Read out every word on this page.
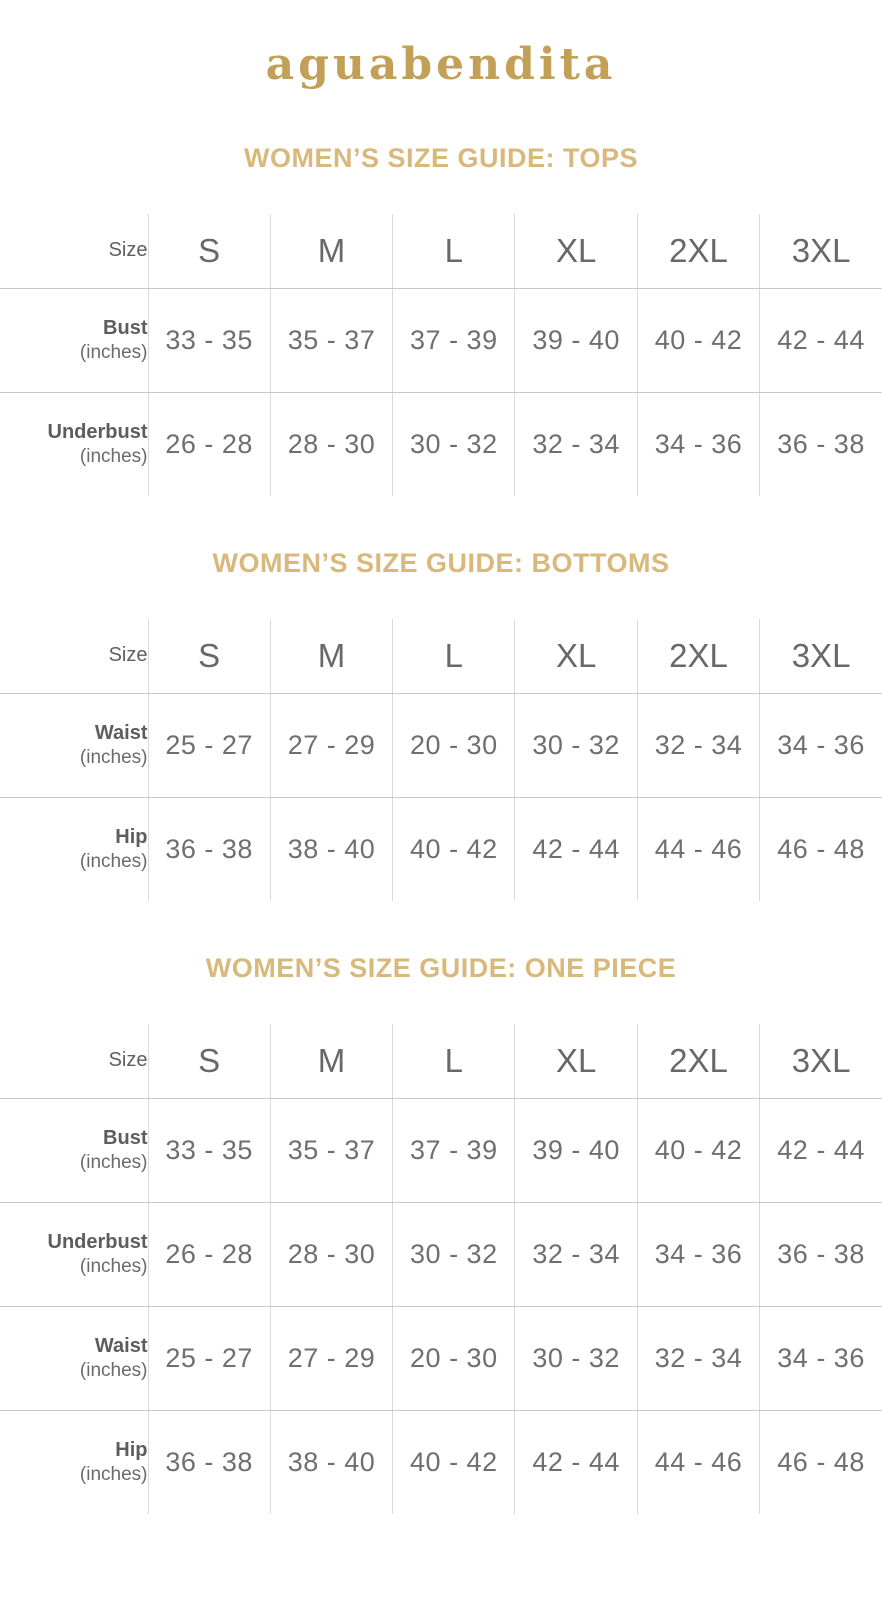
aguabendita
WOMEN’S SIZE GUIDE: TOPS
Size	S	M	L	XL	2XL	3XL

Bust
(inches)	33 - 35	35 - 37	37 - 39	39 - 40	40 - 42	42 - 44

Underbust
(inches)	26 - 28	28 - 30	30 - 32	32 - 34	34 - 36	36 - 38
WOMEN’S SIZE GUIDE: BOTTOMS
Size	S	M	L	XL	2XL	3XL

Waist
(inches)	25 - 27	27 - 29	20 - 30	30 - 32	32 - 34	34 - 36

Hip
(inches)	36 - 38	38 - 40	40 - 42	42 - 44	44 - 46	46 - 48
WOMEN’S SIZE GUIDE: ONE PIECE
Size	S	M	L	XL	2XL	3XL

Bust
(inches)	33 - 35	35 - 37	37 - 39	39 - 40	40 - 42	42 - 44

Underbust
(inches)	26 - 28	28 - 30	30 - 32	32 - 34	34 - 36	36 - 38

Waist
(inches)	25 - 27	27 - 29	20 - 30	30 - 32	32 - 34	34 - 36

Hip
(inches)	36 - 38	38 - 40	40 - 42	42 - 44	44 - 46	46 - 48
